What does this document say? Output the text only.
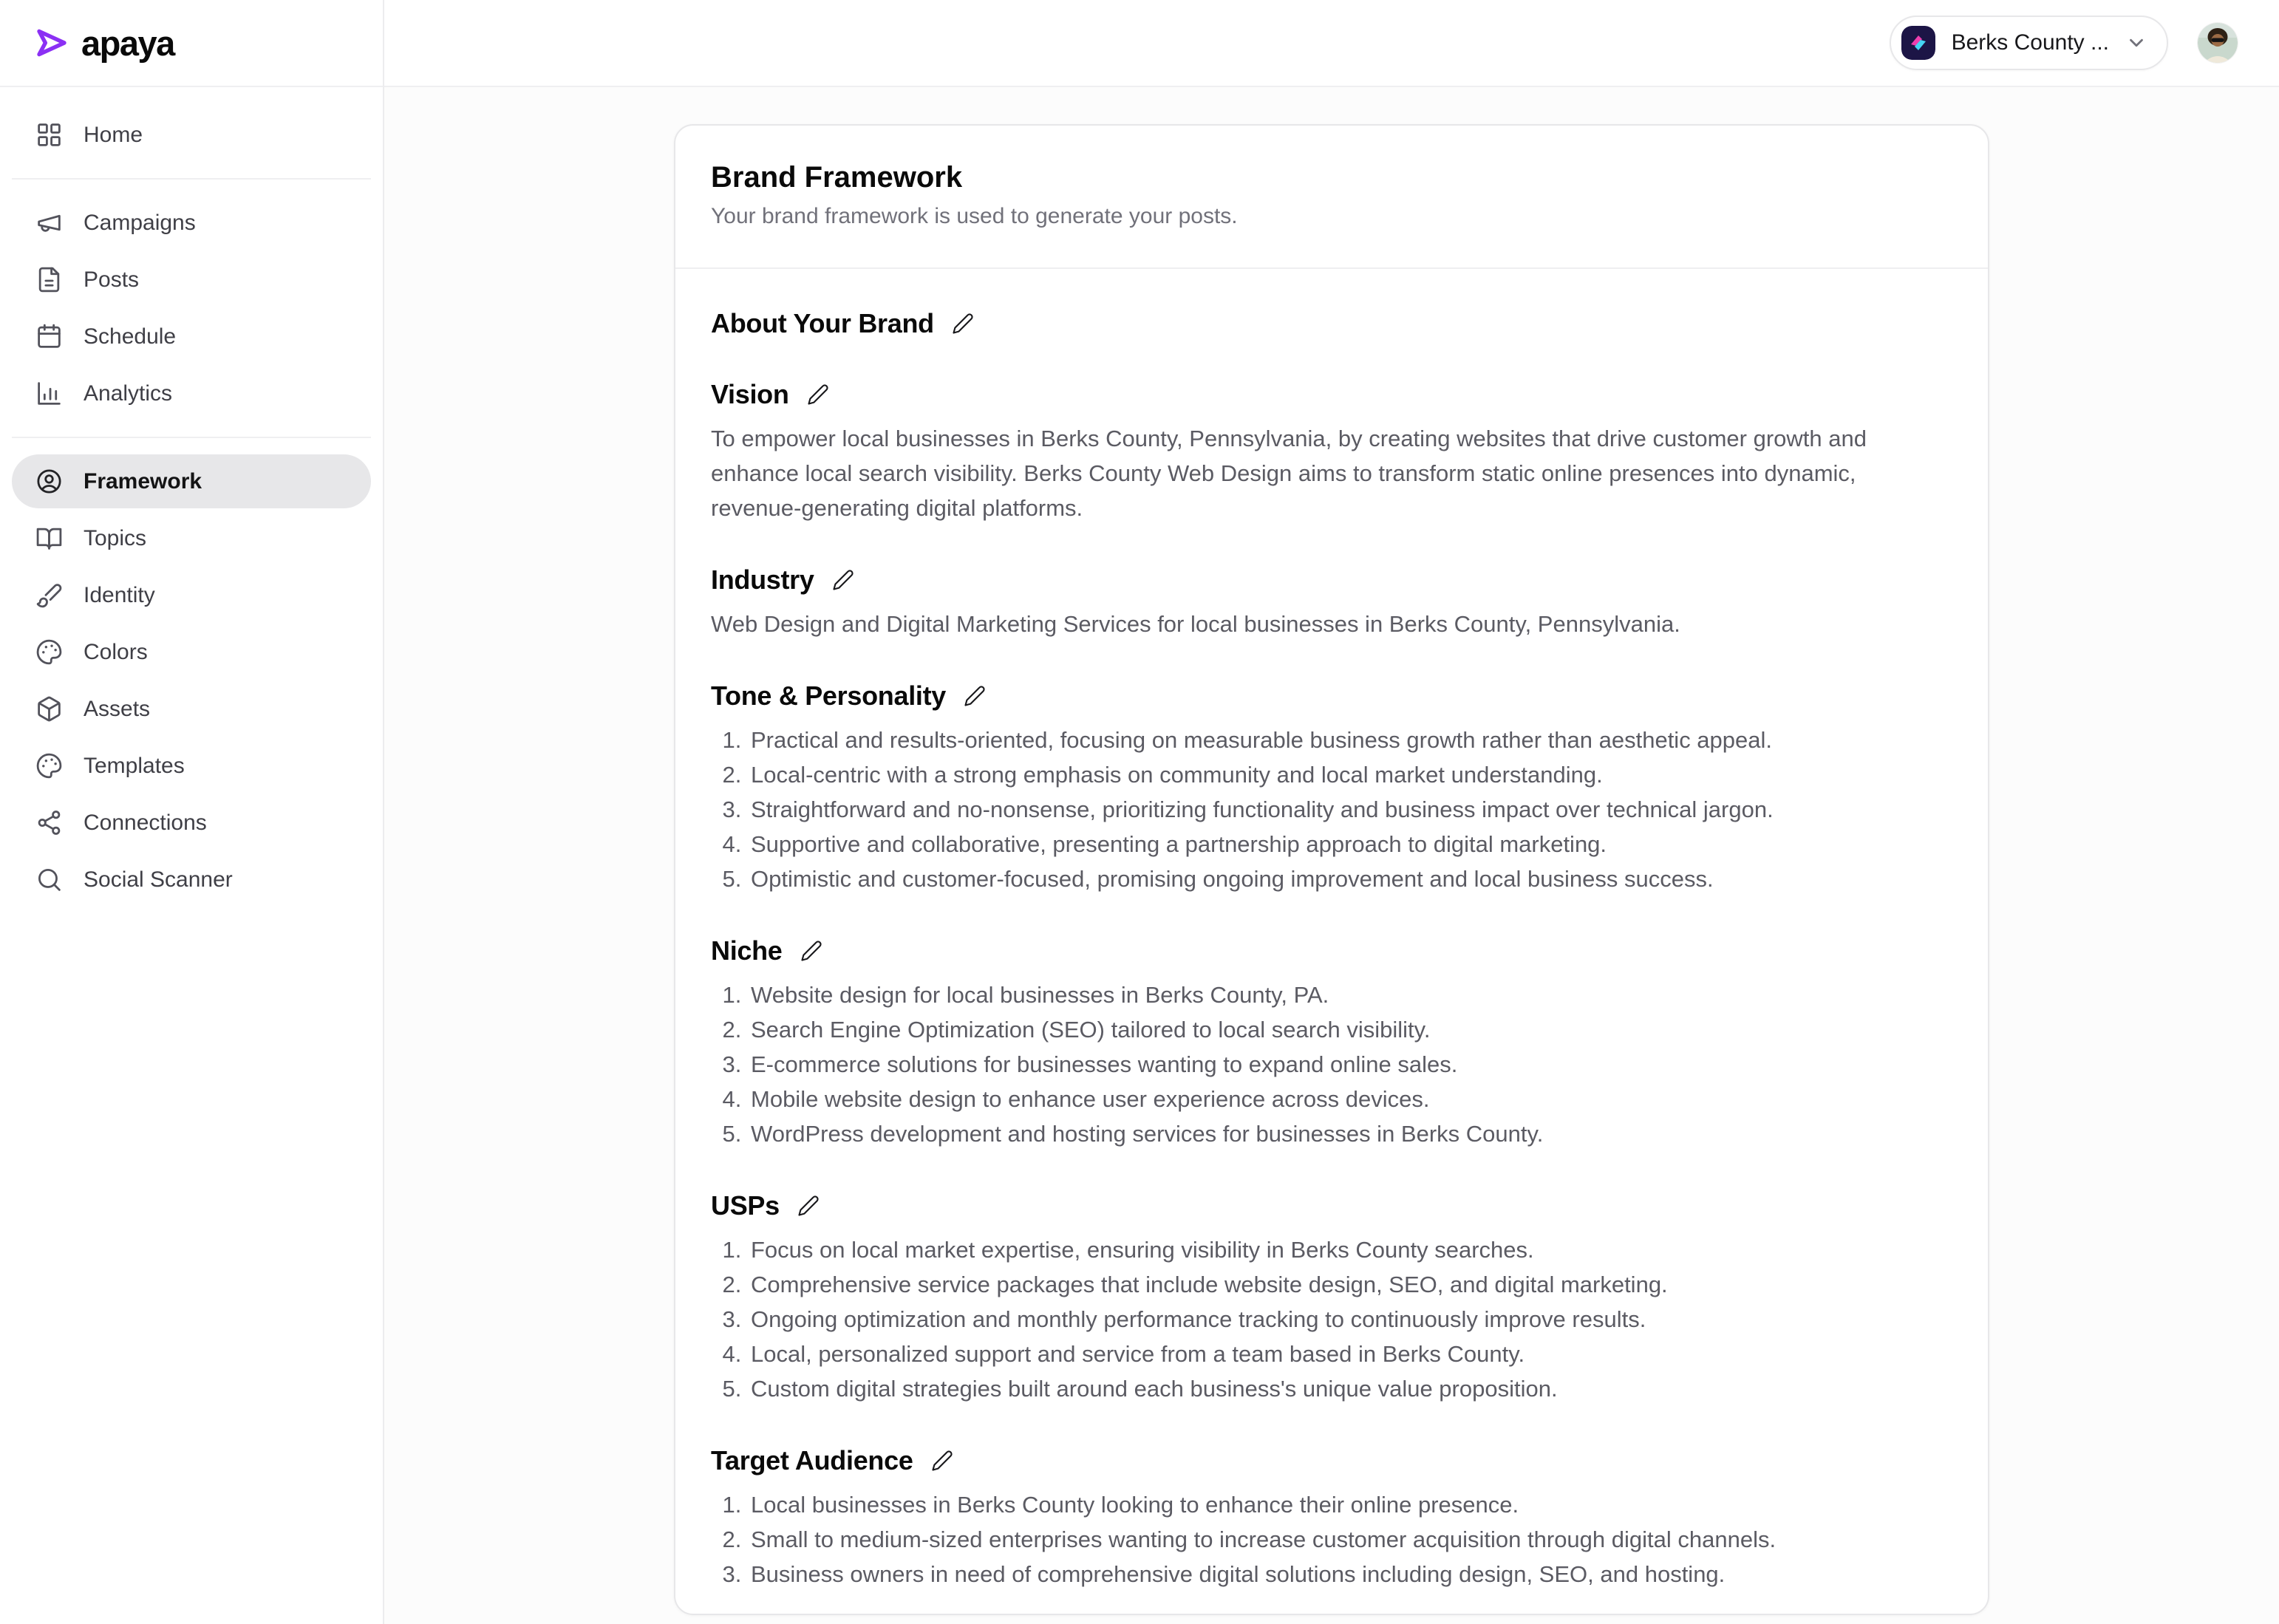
apaya
Home
Campaigns
Posts
Schedule
Analytics
Framework
Topics
Identity
Colors
Assets
Templates
Connections
Social Scanner
Berks County ...
Brand Framework

Your brand framework is used to generate your posts.

About Your Brand
Vision

To empower local businesses in Berks County, Pennsylvania, by creating websites that drive customer growth and enhance local search visibility. Berks County Web Design aims to transform static online presences into dynamic, revenue-generating digital platforms.

Industry

Web Design and Digital Marketing Services for local businesses in Berks County, Pennsylvania.

Tone & Personality
1. Practical and results-oriented, focusing on measurable business growth rather than aesthetic appeal.
2. Local-centric with a strong emphasis on community and local market understanding.
3. Straightforward and no-nonsense, prioritizing functionality and business impact over technical jargon.
4. Supportive and collaborative, presenting a partnership approach to digital marketing.
5. Optimistic and customer-focused, promising ongoing improvement and local business success.
Niche
1. Website design for local businesses in Berks County, PA.
2. Search Engine Optimization (SEO) tailored to local search visibility.
3. E-commerce solutions for businesses wanting to expand online sales.
4. Mobile website design to enhance user experience across devices.
5. WordPress development and hosting services for businesses in Berks County.
USPs
1. Focus on local market expertise, ensuring visibility in Berks County searches.
2. Comprehensive service packages that include website design, SEO, and digital marketing.
3. Ongoing optimization and monthly performance tracking to continuously improve results.
4. Local, personalized support and service from a team based in Berks County.
5. Custom digital strategies built around each business's unique value proposition.
Target Audience
1. Local businesses in Berks County looking to enhance their online presence.
2. Small to medium-sized enterprises wanting to increase customer acquisition through digital channels.
3. Business owners in need of comprehensive digital solutions including design, SEO, and hosting.
